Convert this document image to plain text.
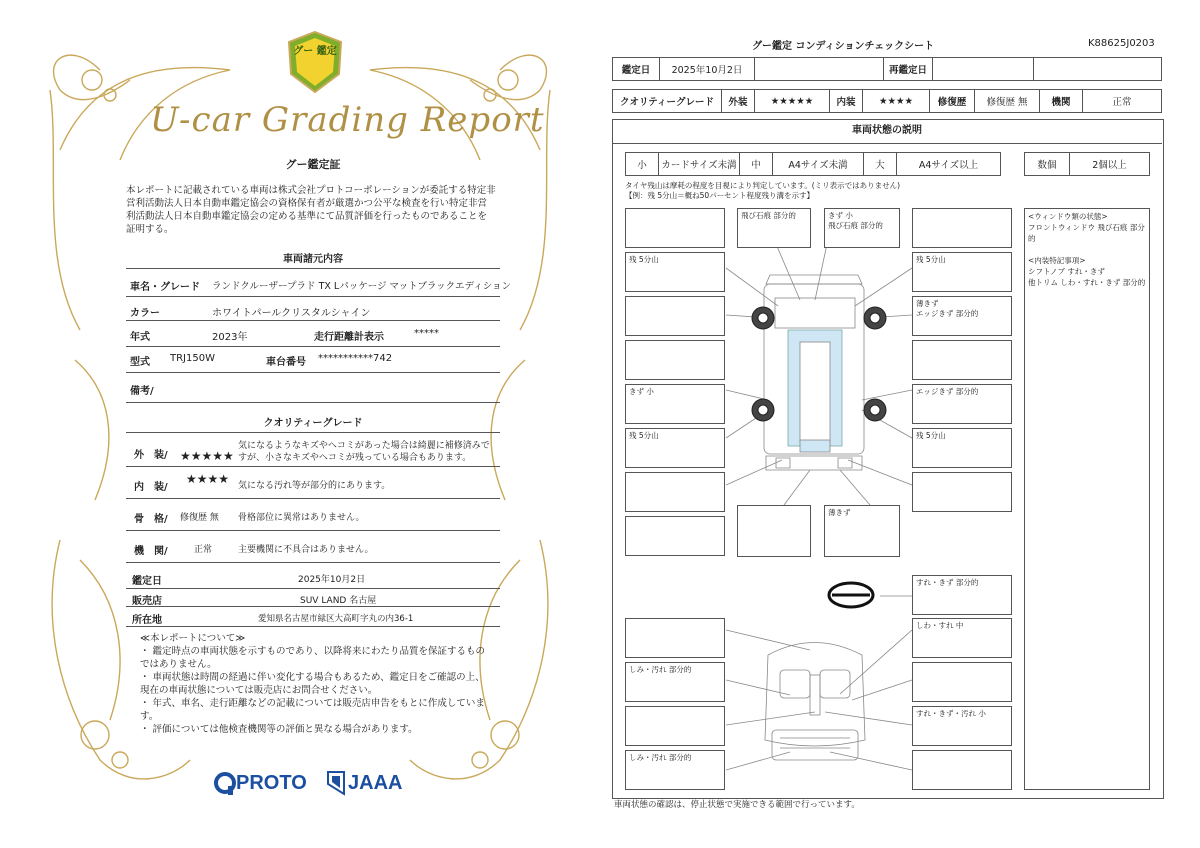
グー 鑑定
U-car Grading Report
グー鑑定証
本レポートに記載されている車両は株式会社プロトコーポレーションが委託する特定非営利活動法人日本自動車鑑定協会の資格保有者が厳選かつ公平な検査を行い特定非営利活動法人日本自動車鑑定協会の定める基準にて品質評価を行ったものであることを証明する。
車両諸元内容
車名・グレード ランドクルーザープラド TX Lパッケージ マットブラックエディション
カラー	ホワイトパールクリスタルシャイン
年式	2023年	走行距離計表示	*****
型式 TRJ150W	車台番号 ***********742
備考/
クオリティーグレード
外　装/ ★★★★★
気になるようなキズやヘコミがあった場合は綺麗に補修済みですが、小さなキズやヘコミが残っている場合もあります。
内　装/
★★★★ 気になる汚れ等が部分的にあります。
骨　格/ 修復歴 無 骨格部位に異常はありません。
機　関/	正常	主要機関に不具合はありません。
鑑定日	2025年10月2日
販売店	SUV LAND 名古屋
所在地	愛知県名古屋市緑区大高町字丸の内36-1
≪本レポートについて≫
・ 鑑定時点の車両状態を示すものであり、以降将来にわたり品質を保証するものではありません。
・ 車両状態は時間の経過に伴い変化する場合もあるため、鑑定日をご確認の上、現在の車両状態については販売店にお問合せください。
・ 年式、車名、走行距離などの記載については販売店申告をもとに作成しています。
・ 評価については他検査機関等の評価と異なる場合があります。
PROTO JAAA
グー鑑定 コンディションチェックシート	K88625J0203
鑑定日	2025年10月2日		再鑑定日		
クオリティーグレード	外装	★★★★★	内装	★★★★	修復歴	修復歴 無	機関	正常
車両状態の説明
小	カードサイズ未満	中	A4サイズ未満	大	A4サイズ以上	数個	2個以上
タイヤ残山は摩耗の程度を目視により判定しています。(ミリ表示ではありません)
【例：残 5分山＝概ね50パーセント程度残り溝を示す】
残 5分山
きず 小
残 5分山
しみ・汚れ 部分的
しみ・汚れ 部分的
飛び石痕 部分的	きず 小
飛び石痕 部分的
薄きず
残 5分山
薄きず
エッジきず 部分的
エッジきず 部分的
残 5分山
すれ・きず 部分的
しわ・すれ 中
すれ・きず・汚れ 小
<ウィンドウ類の状態>
フロントウィンドウ 飛び石痕 部分的

<内装特記事項>
シフトノブ すれ・きず
他トリム しわ・すれ・きず 部分的
車両状態の確認は、停止状態で実施できる範囲で行っています。
